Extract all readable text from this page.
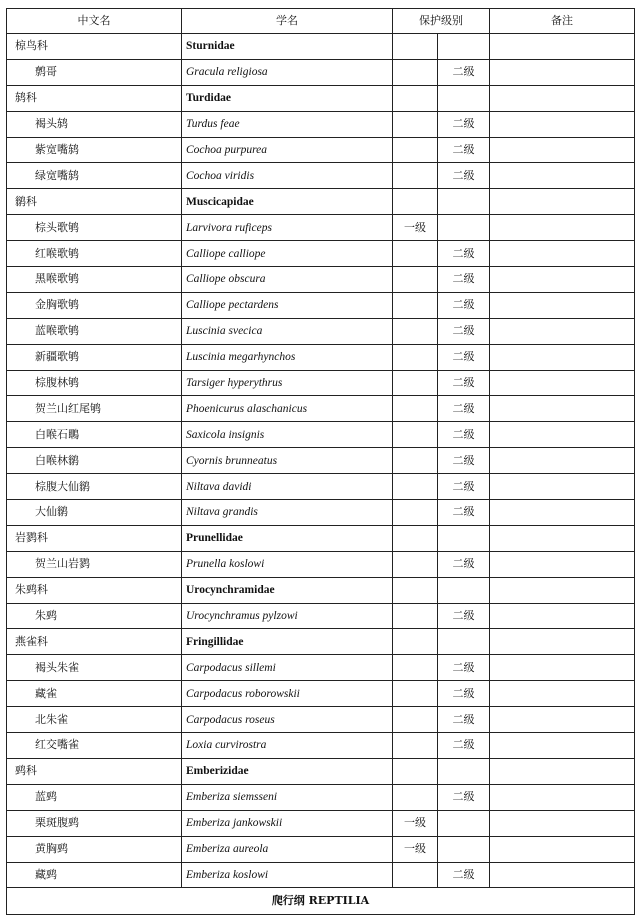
中文名	学名	保护级别		备注
椋鸟科	Sturnidae			
鹩哥	Gracula religiosa		二级	
鸫科	Turdidae			
褐头鸫	Turdus feae		二级	
紫宽嘴鸫	Cochoa purpurea		二级	
绿宽嘴鸫	Cochoa viridis		二级	
鹟科	Muscicapidae			
棕头歌鸲	Larvivora ruficeps	一级		
红喉歌鸲	Calliope calliope		二级	
黑喉歌鸲	Calliope obscura		二级	
金胸歌鸲	Calliope pectardens		二级	
蓝喉歌鸲	Luscinia svecica		二级	
新疆歌鸲	Luscinia megarhynchos		二级	
棕腹林鸲	Tarsiger hyperythrus		二级	
贺兰山红尾鸲	Phoenicurus alaschanicus		二级	
白喉石䳭	Saxicola insignis		二级	
白喉林鹟	Cyornis brunneatus		二级	
棕腹大仙鹟	Niltava davidi		二级	
大仙鹟	Niltava grandis		二级	
岩鹨科	Prunellidae			
贺兰山岩鹨	Prunella koslowi		二级	
朱鹀科	Urocynchramidae			
朱鹀	Urocynchramus pylzowi		二级	
燕雀科	Fringillidae			
褐头朱雀	Carpodacus sillemi		二级	
藏雀	Carpodacus roborowskii		二级	
北朱雀	Carpodacus roseus		二级	
红交嘴雀	Loxia curvirostra		二级	
鹀科	Emberizidae			
蓝鹀	Emberiza siemsseni		二级	
栗斑腹鹀	Emberiza jankowskii	一级		
黄胸鹀	Emberiza aureola	一级		
藏鹀	Emberiza koslowi		二级	
爬行纲 REPTILIA				
